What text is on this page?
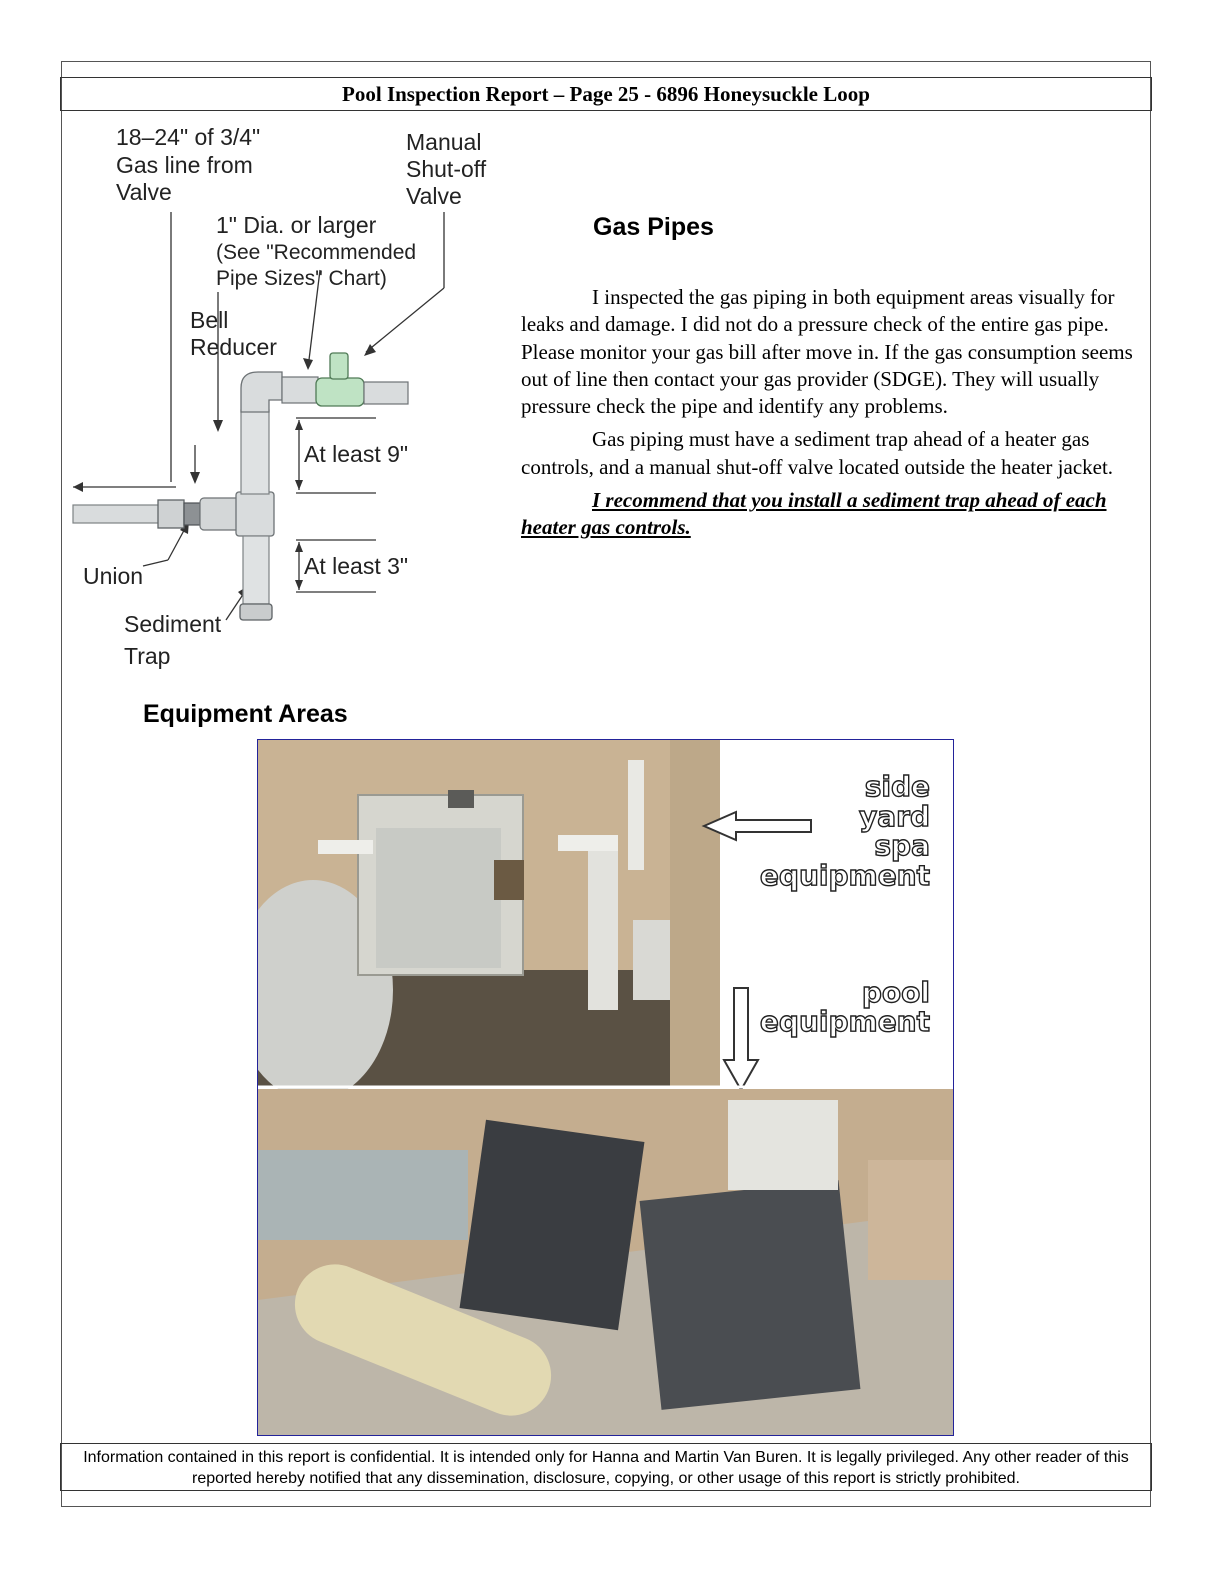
Pool Inspection Report – Page 25 - 6896 Honeysuckle Loop
18–24" of 3/4"
Gas line from
Valve
Manual
Shut-off
Valve
1" Dia. or larger
(See "Recommended
Pipe Sizes" Chart)
Bell
Reducer
At least 9"
At least 3"
Union
Sediment
Trap
Gas Pipes

I inspected the gas piping in both equipment areas visually for leaks and damage. I did not do a pressure check of the entire gas pipe. Please monitor your gas bill after move in. If the gas consumption seems out of line then contact your gas provider (SDGE). They will usually pressure check the pipe and identify any problems.

Gas piping must have a sediment trap ahead of a heater gas controls, and a manual shut-off valve located outside the heater jacket.

I recommend that you install a sediment trap ahead of each heater gas controls.

Equipment Areas
side
yard
spa
equipment
pool
equipment
Information contained in this report is confidential. It is intended only for Hanna and Martin Van Buren. It is legally privileged. Any other reader of this reported hereby notified that any dissemination, disclosure, copying, or other usage of this report is strictly prohibited.
